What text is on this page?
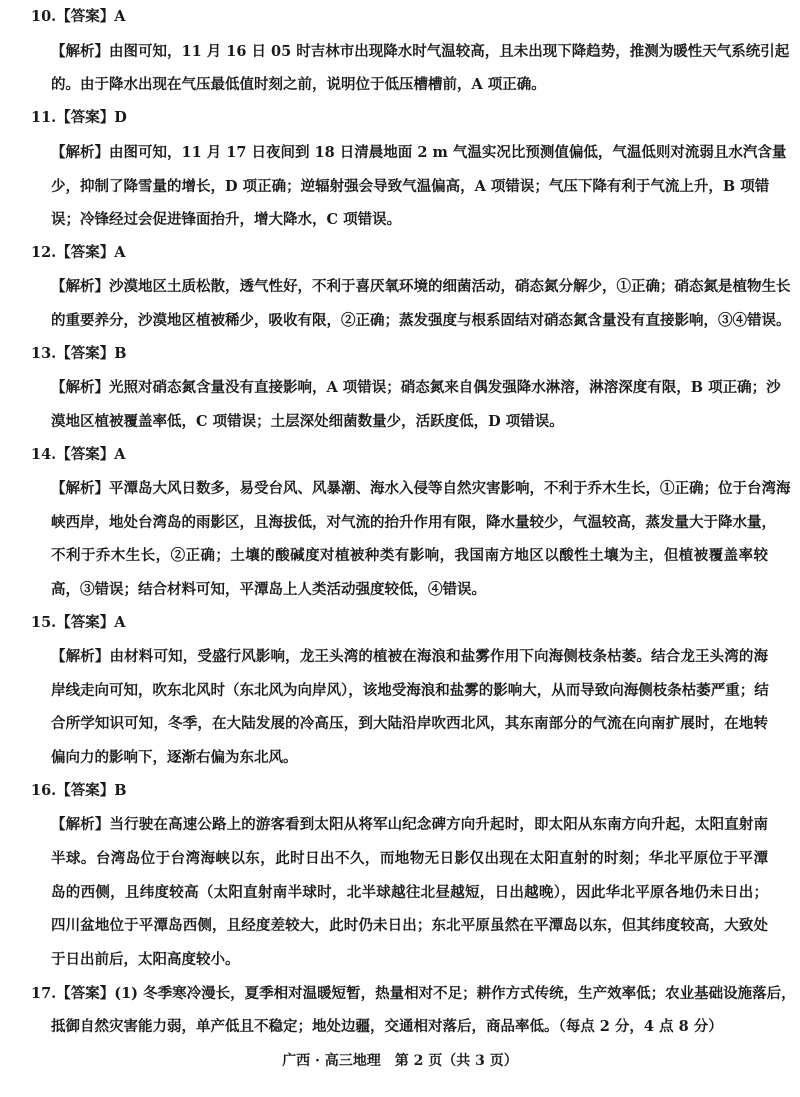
10.【答案】A
【解析】由图可知，11 月 16 日 05 时吉林市出现降水时气温较高，且未出现下降趋势，推测为暖性天气系统引起
的。由于降水出现在气压最低值时刻之前，说明位于低压槽槽前，A 项正确。
11.【答案】D
【解析】由图可知，11 月 17 日夜间到 18 日清晨地面 2 m 气温实况比预测值偏低，气温低则对流弱且水汽含量
少，抑制了降雪量的增长，D 项正确；逆辐射强会导致气温偏高，A 项错误；气压下降有利于气流上升，B 项错
误；冷锋经过会促进锋面抬升，增大降水，C 项错误。
12.【答案】A
【解析】沙漠地区土质松散，透气性好，不利于喜厌氧环境的细菌活动，硝态氮分解少，①正确；硝态氮是植物生长
的重要养分，沙漠地区植被稀少，吸收有限，②正确；蒸发强度与根系固结对硝态氮含量没有直接影响，③④错误。
13.【答案】B
【解析】光照对硝态氮含量没有直接影响，A 项错误；硝态氮来自偶发强降水淋溶，淋溶深度有限，B 项正确；沙
漠地区植被覆盖率低，C 项错误；土层深处细菌数量少，活跃度低，D 项错误。
14.【答案】A
【解析】平潭岛大风日数多，易受台风、风暴潮、海水入侵等自然灾害影响，不利于乔木生长，①正确；位于台湾海
峡西岸，地处台湾岛的雨影区，且海拔低，对气流的抬升作用有限，降水量较少，气温较高，蒸发量大于降水量，
不利于乔木生长，②正确；土壤的酸碱度对植被种类有影响，我国南方地区以酸性土壤为主，但植被覆盖率较
高，③错误；结合材料可知，平潭岛上人类活动强度较低，④错误。
15.【答案】A
【解析】由材料可知，受盛行风影响，龙王头湾的植被在海浪和盐雾作用下向海侧枝条枯萎。结合龙王头湾的海
岸线走向可知，吹东北风时（东北风为向岸风），该地受海浪和盐雾的影响大，从而导致向海侧枝条枯萎严重；结
合所学知识可知，冬季，在大陆发展的冷高压，到大陆沿岸吹西北风，其东南部分的气流在向南扩展时，在地转
偏向力的影响下，逐渐右偏为东北风。
16.【答案】B
【解析】当行驶在高速公路上的游客看到太阳从将军山纪念碑方向升起时，即太阳从东南方向升起，太阳直射南
半球。台湾岛位于台湾海峡以东，此时日出不久，而地物无日影仅出现在太阳直射的时刻；华北平原位于平潭
岛的西侧，且纬度较高（太阳直射南半球时，北半球越往北昼越短，日出越晚），因此华北平原各地仍未日出；
四川盆地位于平潭岛西侧，且经度差较大，此时仍未日出；东北平原虽然在平潭岛以东，但其纬度较高，大致处
于日出前后，太阳高度较小。
17.【答案】(1) 冬季寒冷漫长，夏季相对温暖短暂，热量相对不足；耕作方式传统，生产效率低；农业基础设施落后，
抵御自然灾害能力弱，单产低且不稳定；地处边疆，交通相对落后，商品率低。（每点 2 分，4 点 8 分）
广西 · 高三地理　第 2 页（共 3 页）
